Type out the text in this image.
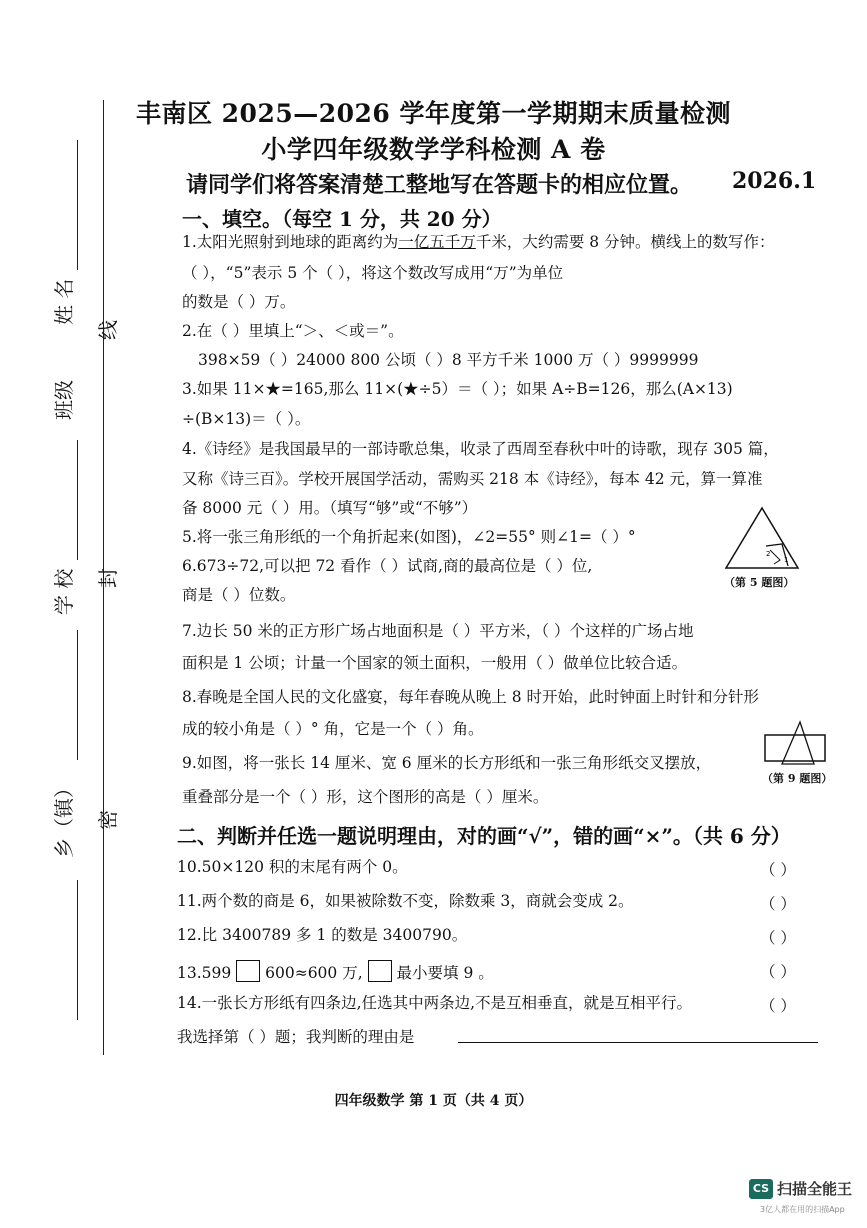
姓 名
班级
学 校
乡（镇）
线
封
密
丰南区 2025—2026 学年度第一学期期末质量检测
小学四年级数学学科检测 A 卷
请同学们将答案清楚工整地写在答题卡的相应位置。 2026.1
一、填空。（每空 1 分，共 20 分）
1.太阳光照射到地球的距离约为一亿五千万千米，大约需要 8 分钟。横线上的数写作：
（ ），“5”表示 5 个（ ），将这个数改写成用“万”为单位
的数是（ ）万。
2.在（ ）里填上“＞、＜或＝”。
398×59（ ）24000 800 公顷（ ）8 平方千米 1000 万（ ）9999999
3.如果 11×★=165,那么 11×(★÷5）＝（ ）；如果 A÷B=126，那么(A×13)
÷(B×13)＝（ ）。
4.《诗经》是我国最早的一部诗歌总集，收录了西周至春秋中叶的诗歌，现存 305 篇，
又称《诗三百》。学校开展国学活动，需购买 218 本《诗经》，每本 42 元，算一算准
备 8000 元（ ）用。（填写“够”或“不够”）
5.将一张三角形纸的一个角折起来(如图)，∠2=55° 则∠1=（ ）°
1
2
（第 5 题图）
6.673÷72,可以把 72 看作（ ）试商,商的最高位是（ ）位,
商是（ ）位数。
7.边长 50 米的正方形广场占地面积是（ ）平方米，（ ）个这样的广场占地
面积是 1 公顷；计量一个国家的领土面积，一般用（ ）做单位比较合适。
8.春晚是全国人民的文化盛宴，每年春晚从晚上 8 时开始，此时钟面上时针和分针形
成的较小角是（ ）° 角，它是一个（ ）角。
（第 9 题图）
9.如图，将一张长 14 厘米、宽 6 厘米的长方形纸和一张三角形纸交叉摆放，
重叠部分是一个（ ）形，这个图形的高是（ ）厘米。
二、判断并任选一题说明理由，对的画“√”，错的画“×”。（共 6 分）
10.50×120 积的末尾有两个 0。	（ ）
11.两个数的商是 6，如果被除数不变，除数乘 3，商就会变成 2。	（ ）
12.比 3400789 多 1 的数是 3400790。	（ ）
13.599 600≈600 万, 最小要填 9 。	（ ）
14.一张长方形纸有四条边,任选其中两条边,不是互相垂直，就是互相平行。	（ ）
我选择第（ ）题；我判断的理由是
四年级数学 第 1 页（共 4 页）
CS 扫描全能王
3亿人都在用的扫描App
